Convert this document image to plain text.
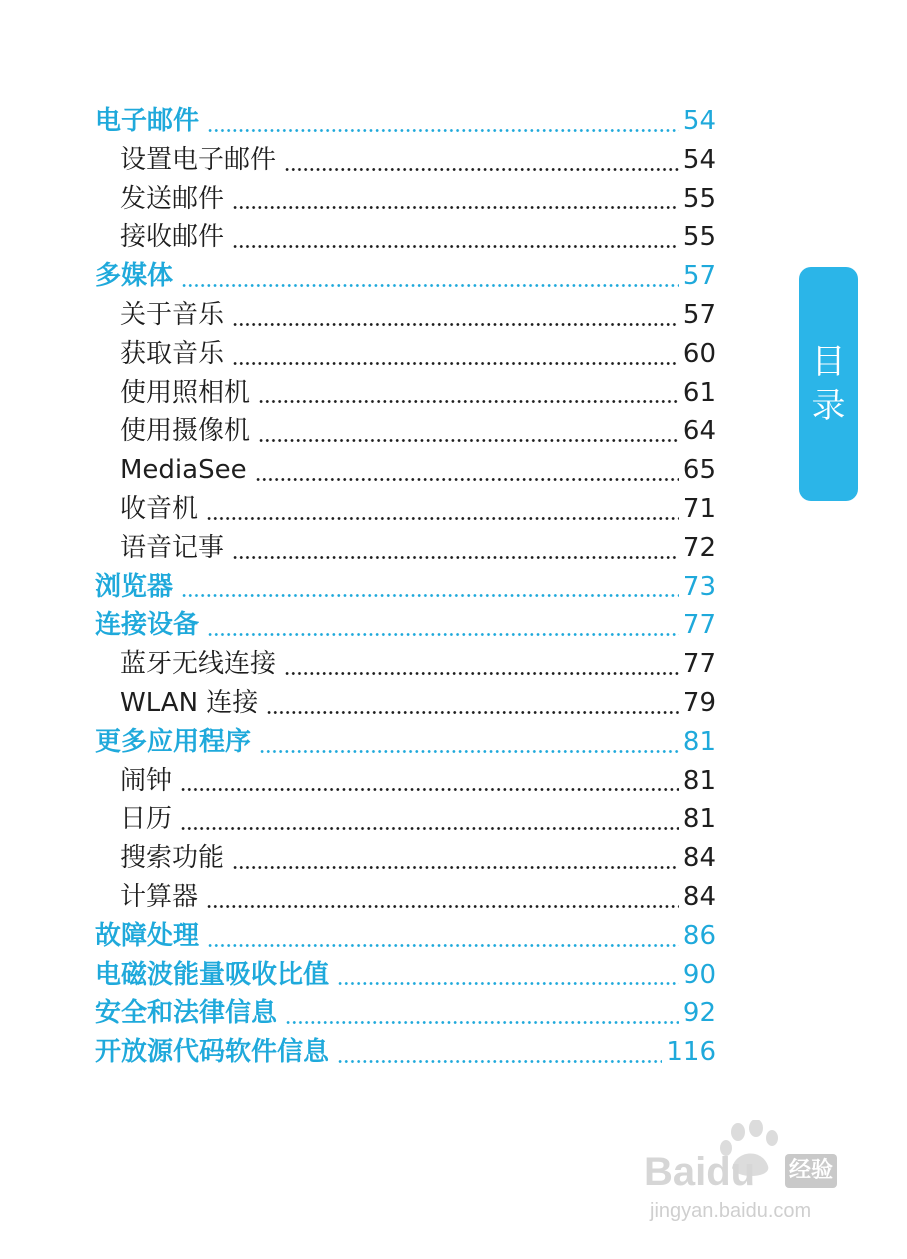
电子邮件	54
设置电子邮件	54
发送邮件	55
接收邮件	55
多媒体	57
关于音乐	57
获取音乐	60
使用照相机	61
使用摄像机	64
MediaSee	65
收音机	71
语音记事	72
浏览器	73
连接设备	77
蓝牙无线连接	77
WLAN 连接	79
更多应用程序	81
闹钟	81
日历	81
搜索功能	84
计算器	84
故障处理	86
电磁波能量吸收比值	90
安全和法律信息	92
开放源代码软件信息	116
目
录
Baidu 经验
jingyan.baidu.com
